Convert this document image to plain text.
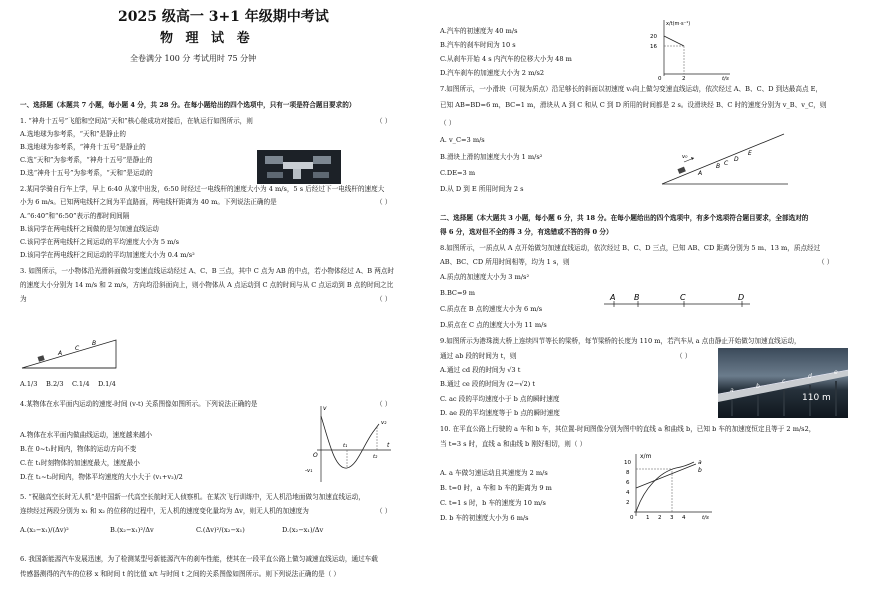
2025 级高一 3+1 年级期中考试
物 理 试 卷
全卷满分 100 分 考试用时 75 分钟
一、选择题（本题共 7 小题，每小题 4 分，共 28 分。在每小题给出的四个选项中，只有一项是符合题目要求的）
1. “神舟十五号”飞船和空间站“天和”核心舱成功对接后，在轨运行如图所示，则	（ ）
A.选地球为参考系，“天和”是静止的
B.选地球为参考系，“神舟十五号”是静止的
C.选“天和”为参考系，“神舟十五号”是静止的
D.选“神舟十五号”为参考系，“天和”是运动的
2.某同学骑自行车上学，早上 6:40 从家中出发，6:50 时经过一电线杆的速度大小为 4 m/s，5 s 后经过下一电线杆的速度大
小为 6 m/s。已知两电线杆之间为平直路面，两电线杆距离为 40 m。下列说法正确的是	（ ）
A.“6:40”和“6:50”表示的都时间间隔
B.该同学在两电线杆之间做的是匀加速直线运动
C.该同学在两电线杆之间运动的平均速度大小为 5 m/s
D.该同学在两电线杆之间运动的平均加速度大小为 0.4 m/s²
3. 如图所示，一小物体沿光滑斜面做匀变速直线运动经过 A、C、B 三点，其中 C 点为 AB 的中点，若小物体经过 A、B 两点时
的速度大小分别为 14 m/s 和 2 m/s，方向均沿斜面向上，则小物体从 A 点运动到 C 点的时间与从 C 点运动到 B 点的时间之比
为	（ ）
A
C
B
A.1/3 B.2/3 C.1/4 D.1/4
4.某物体在水平面内运动的速度-时间 (v-t) 关系图像如图所示。下列说法正确的是	（ ）
A.物体在水平面内做曲线运动，速度越来越小
B.在 0~t₁时间内，物体的运动方向不变
C.在 t₁时刻物体的加速度最大，速度最小
D.在 t₁~t₂时间内，物体平均速度的大小大于 (v₁+v₂)/2
v
O
t₁	t
t₂
-v₁
v₂
5. “祝融高空长时无人机”是中国新一代高空长航时无人侦察机。在某次飞行训练中，无人机沿地面做匀加速直线运动，
连续经过两段分别为 x₁ 和 x₂ 的位移的过程中，无人机的速度变化量均为 Δv，则无人机的加速度为	（ ）
A.(x₂−x₁)/(Δv)²	B.(x₂−x₁)²/Δv	C.(Δv)²/(x₂−x₁)	D.(x₂−x₁)/Δv
6. 我国新能源汽车发展迅速，为了检测某型号新能源汽车的刹车性能，使其在一段平直公路上做匀减速直线运动，通过车载
传感器测得的汽车的位移 x 和时间 t 的比值 x/t 与时间 t 之间的关系图像如图所示。则下列说法正确的是（ ）
A.汽车的初速度为 40 m/s
B.汽车的刹车时间为 10 s
C.从刹车开始 4 s 内汽车的位移大小为 48 m
D.汽车刹车的加速度大小为 2 m/s2
x/t(m·s⁻¹)
20
16
0	2	t/s
7.如图所示，一小滑块（可视为质点）沿足够长的斜面以初速度 v₀向上做匀变速直线运动，依次经过 A、B、C、D 到达最高点 E，
已知 AB=BD=6 m，BC=1 m，滑块从 A 到 C 和从 C 到 D 所用的时间都是 2 s。设滑块经 B、C 时的速度分别为 v_B、v_C，则
（ ）
A. v_C=3 m/s
B.滑块上滑的加速度大小为 1 m/s²
C.DE=3 m
D.从 D 到 E 所用时间为 2 s
v₀
A
B C
D
E
二、选择题（本大题共 3 小题，每小题 6 分，共 18 分。在每小题给出的四个选项中，有多个选项符合题目要求，全部选对的
得 6 分，选对但不全的得 3 分，有选错或不答的得 0 分）
8.如图所示，一质点从 A 点开始做匀加速直线运动，依次经过 B、C、D 三点，已知 AB、CD 距离分别为 5 m、13 m，质点经过
AB、BC、CD 所用时间相等，均为 1 s，则	（ ）
A.质点的加速度大小为 3 m/s²
B.BC=9 m
C.质点在 B 点的速度大小为 6 m/s
D.质点在 C 点的速度大小为 11 m/s
A B	C	D
9.如图所示为港珠澳大桥上连续四节等长的梁桥，每节梁桥的长度为 110 m，若汽车从 a 点由静止开始做匀加速直线运动，
通过 ab 段的时间为 t，则	（ ）
A.通过 cd 段的时间为 √3 t
B.通过 ce 段的时间为 (2−√2) t
C. ac 段的平均速度小于 b 点的瞬时速度
D. ae 段的平均速度等于 b 点的瞬时速度
a
b
c
d
e
110 m
10. 在平直公路上行驶的 a 车和 b 车，其位置-时间图像分别为图中的直线 a 和曲线 b，已知 b 车的加速度恒定且等于 2 m/s2，
当 t=3 s 时，直线 a 和曲线 b 刚好相切，则（ ）
A. a 车做匀速运动且其速度为 2 m/s
B. t=0 时，a 车和 b 车的距离为 9 m
C. t=1 s 时，b 车的速度为 10 m/s
D. b 车的初速度大小为 6 m/s
x/m
10
8
6
4
2
0 1 2 3 4	t/s
a
b
